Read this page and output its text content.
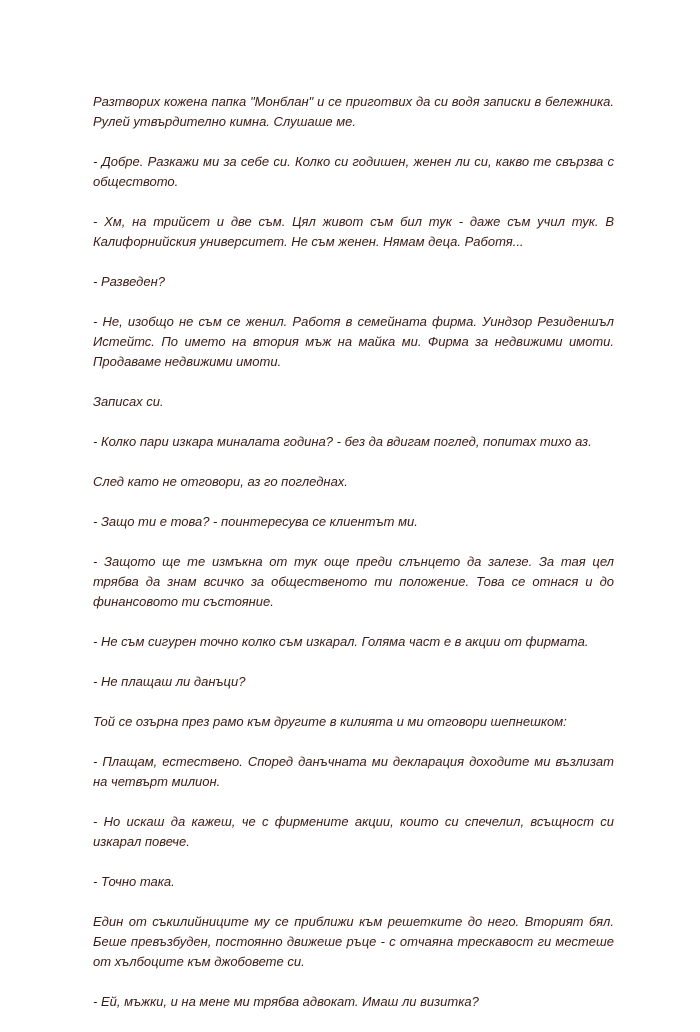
Разтворих кожена папка "Монблан" и се приготвих да си водя записки в бележника. Рулей утвърдително кимна. Слушаше ме.

- Добре. Разкажи ми за себе си. Колко си годишен, женен ли си, какво те свързва с обществото.

- Хм, на трийсет и две съм. Цял живот съм бил тук - даже съм учил тук. В Калифорнийския университет. Не съм женен. Нямам деца. Работя...

- Разведен?

- Не, изобщо не съм се женил. Работя в семейната фирма. Уиндзор Резиденшъл Истейтс. По името на втория мъж на майка ми. Фирма за недвижими имоти. Продаваме недвижими имоти.

Записах си.

- Колко пари изкара миналата година? - без да вдигам поглед, попитах тихо аз.

След като не отговори, аз го погледнах.

- Защо ти е това? - поинтересува се клиентът ми.

- Защото ще те измъкна от тук още преди слънцето да залезе. За тая цел трябва да знам всичко за общественото ти положение. Това се отнася и до финансовото ти състояние.

- Не съм сигурен точно колко съм изкарал. Голяма част е в акции от фирмата.

- Не плащаш ли данъци?

Той се озърна през рамо към другите в килията и ми отговори шепнешком:

- Плащам, естествено. Според данъчната ми декларация доходите ми възлизат на четвърт милион.

- Но искаш да кажеш, че с фирмените акции, които си спечелил, всъщност си изкарал повече.

- Точно така.

Един от съкилийниците му се приближи към решетките до него. Вторият бял. Беше превъзбуден, постоянно движеше ръце - с отчаяна трескавост ги местеше от хълбоците към джобовете си.

- Ей, мъжки, и на мене ми трябва адвокат. Имаш ли визитка?
